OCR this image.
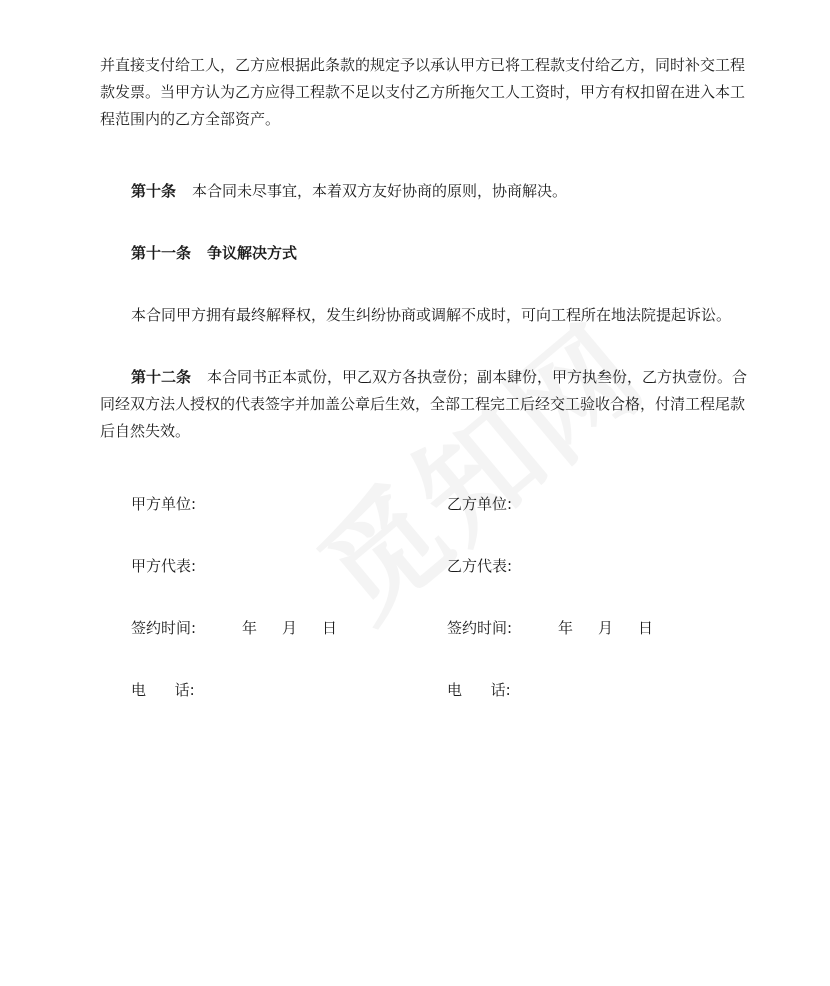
并直接支付给工人，乙方应根据此条款的规定予以承认甲方已将工程款支付给乙方，同时补交工程款发票。当甲方认为乙方应得工程款不足以支付乙方所拖欠工人工资时，甲方有权扣留在进入本工程范围内的乙方全部资产。

第十条 本合同未尽事宜，本着双方友好协商的原则，协商解决。

第十一条 争议解决方式

本合同甲方拥有最终解释权，发生纠纷协商或调解不成时，可向工程所在地法院提起诉讼。

第十二条 本合同书正本贰份，甲乙双方各执壹份；副本肆份，甲方执叁份，乙方执壹份。合同经双方法人授权的代表签字并加盖公章后生效，全部工程完工后经交工验收合格，付清工程尾款后自然失效。

甲方单位:
甲方代表:
签约时间:	年 月 日
电      话:
乙方单位:
乙方代表:
签约时间:	年 月 日
电      话:
